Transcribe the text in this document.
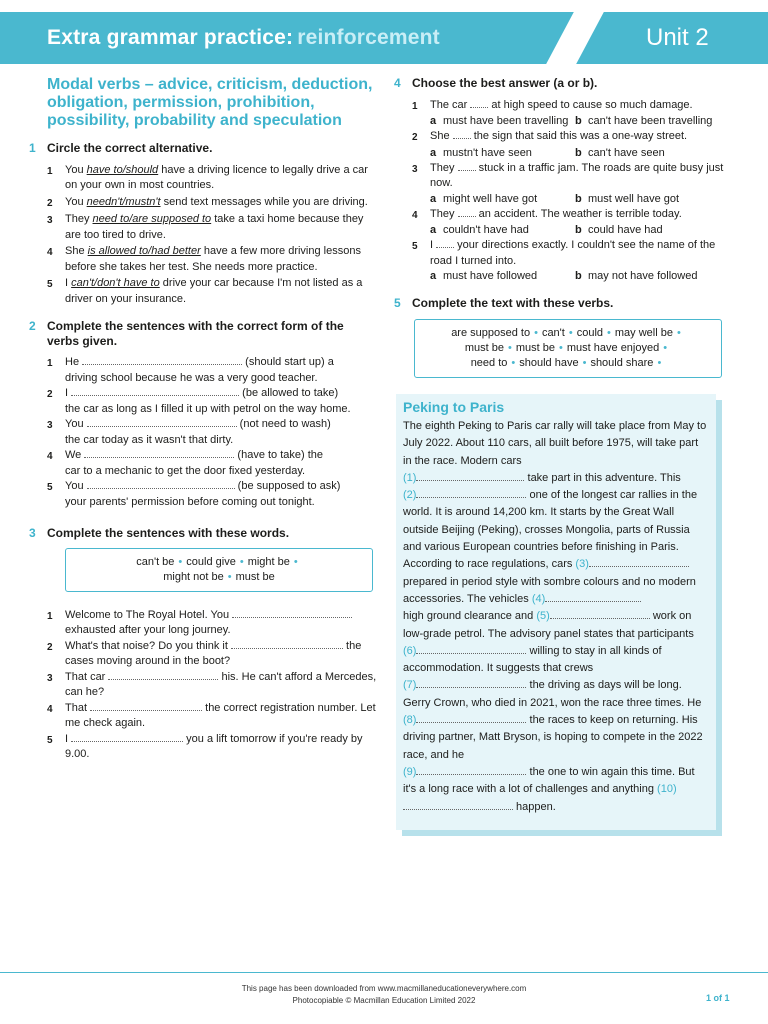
Extra grammar practice: reinforcement	Unit 2
Modal verbs – advice, criticism, deduction, obligation, permission, prohibition, possibility, probability and speculation
1 Circle the correct alternative.
1	You have to/should have a driving licence to legally drive a car on your own in most countries.
2	You needn't/mustn't send text messages while you are driving.
3	They need to/are supposed to take a taxi home because they are too tired to drive.
4	She is allowed to/had better have a few more driving lessons before she takes her test. She needs more practice.
5	I can't/don't have to drive your car because I'm not listed as a driver on your insurance.
2 Complete the sentences with the correct form of the verbs given.
1	He	(should start up) a
driving school because he was a very good teacher.
2	I	(be allowed to take)
the car as long as I filled it up with petrol on the way home.
3	You	(not need to wash)
the car today as it wasn't that dirty.
4	We	(have to take) the
car to a mechanic to get the door fixed yesterday.
5	You	(be supposed to ask)
your parents' permission before coming out tonight.
3 Complete the sentences with these words.
can't be • could give • might be •
might not be • must be
1	Welcome to The Royal Hotel. You  exhausted after your long journey.
2	What's that noise? Do you think it	the cases moving around in the boot?
3	That car	his. He can't afford a Mercedes, can he?
4	That	the correct registration number. Let me check again.
5	I	you a lift tomorrow if you're ready by 9.00.
4 Choose the best answer (a or b).
1	The car  at high speed to cause so much damage.
a must have been travelling b can't have been travelling
2	She  the sign that said this was a one-way street.
a mustn't have seen	b can't have seen
3	They  stuck in a traffic jam. The roads are quite busy just now.
a might well have got	b must well have got
4	They  an accident. The weather is terrible today.
a couldn't have had	b could have had
5	I  your directions exactly. I couldn't see the name of the road I turned into.
a must have followed	b may not have followed
5 Complete the text with these verbs.
are supposed to • can't • could • may well be •
must be • must be • must have enjoyed •
need to • should have • should share •
Peking to Paris

The eighth Peking to Paris car rally will take place from May to July 2022. About 110 cars, all built before 1975, will take part in the race. Modern cars
(1)	take part in this adventure. This
(2)	one of the longest car rallies in the world. It is around 14,200 km. It starts by the Great Wall outside Beijing (Peking), crosses Mongolia, parts of Russia and various European countries before finishing in Paris.

According to race regulations, cars (3) prepared in period style with sombre colours and no modern accessories. The vehicles (4)
high ground clearance and (5)	work on low-grade petrol. The advisory panel states that participants (6)	willing to stay in all kinds of accommodation. It suggests that crews
(7)	the driving as days will be long.

Gerry Crown, who died in 2021, won the race three times. He (8)	the races to keep on returning. His driving partner, Matt Bryson, is hoping to compete in the 2022 race, and he
(9)	the one to win again this time. But it's a long race with a lot of challenges and anything (10) happen.

This page has been downloaded from www.macmillaneducationeverywhere.com
Photocopiable © Macmillan Education Limited 2022	1 of 1
